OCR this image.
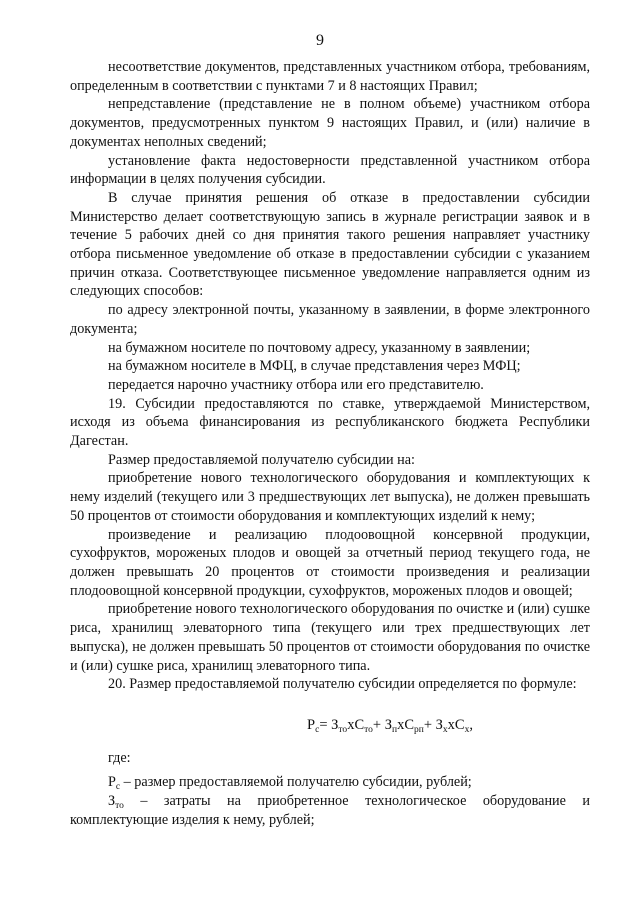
9

несоответствие документов, представленных участником отбора, требованиям, определенным в соответствии с пунктами 7 и 8 настоящих Правил;

непредставление (представление не в полном объеме) участником отбора документов, предусмотренных пунктом 9 настоящих Правил, и (или) наличие в документах неполных сведений;

установление факта недостоверности представленной участником отбора информации в целях получения субсидии.

В случае принятия решения об отказе в предоставлении субсидии Министерство делает соответствующую запись в журнале регистрации заявок и в течение 5 рабочих дней со дня принятия такого решения направляет участнику отбора письменное уведомление об отказе в предоставлении субсидии с указанием причин отказа. Соответствующее письменное уведомление направляется одним из следующих способов:

по адресу электронной почты, указанному в заявлении, в форме электронного документа;

на бумажном носителе по почтовому адресу, указанному в заявлении;

на бумажном носителе в МФЦ, в случае представления через МФЦ;

передается нарочно участнику отбора или его представителю.

19. Субсидии предоставляются по ставке, утверждаемой Министерством, исходя из объема финансирования из республиканского бюджета Республики Дагестан.

Размер предоставляемой получателю субсидии на:

приобретение нового технологического оборудования и комплектующих к нему изделий (текущего или 3 предшествующих лет выпуска), не должен превышать 50 процентов от стоимости оборудования и комплектующих изделий к нему;

произведение и реализацию плодоовощной консервной продукции, сухофруктов, мороженых плодов и овощей за отчетный период текущего года, не должен превышать 20 процентов от стоимости произведения и реализации плодоовощной консервной продукции, сухофруктов, мороженых плодов и овощей;

приобретение нового технологического оборудования по очистке и (или) сушке риса, хранилищ элеваторного типа (текущего или трех предшествующих лет выпуска), не должен превышать 50 процентов от стоимости оборудования по очистке и (или) сушке риса, хранилищ элеваторного типа.

20. Размер предоставляемой получателю субсидии определяется по формуле:

$Р_с= З_{то}хС_{то}+ З_пхС_{рп}+ З_ххС_х$,

где:

$Р_с$ – размер предоставляемой получателю субсидии, рублей;

$З_{то}$ – затраты на приобретенное технологическое оборудование и комплектующие изделия к нему, рублей;
